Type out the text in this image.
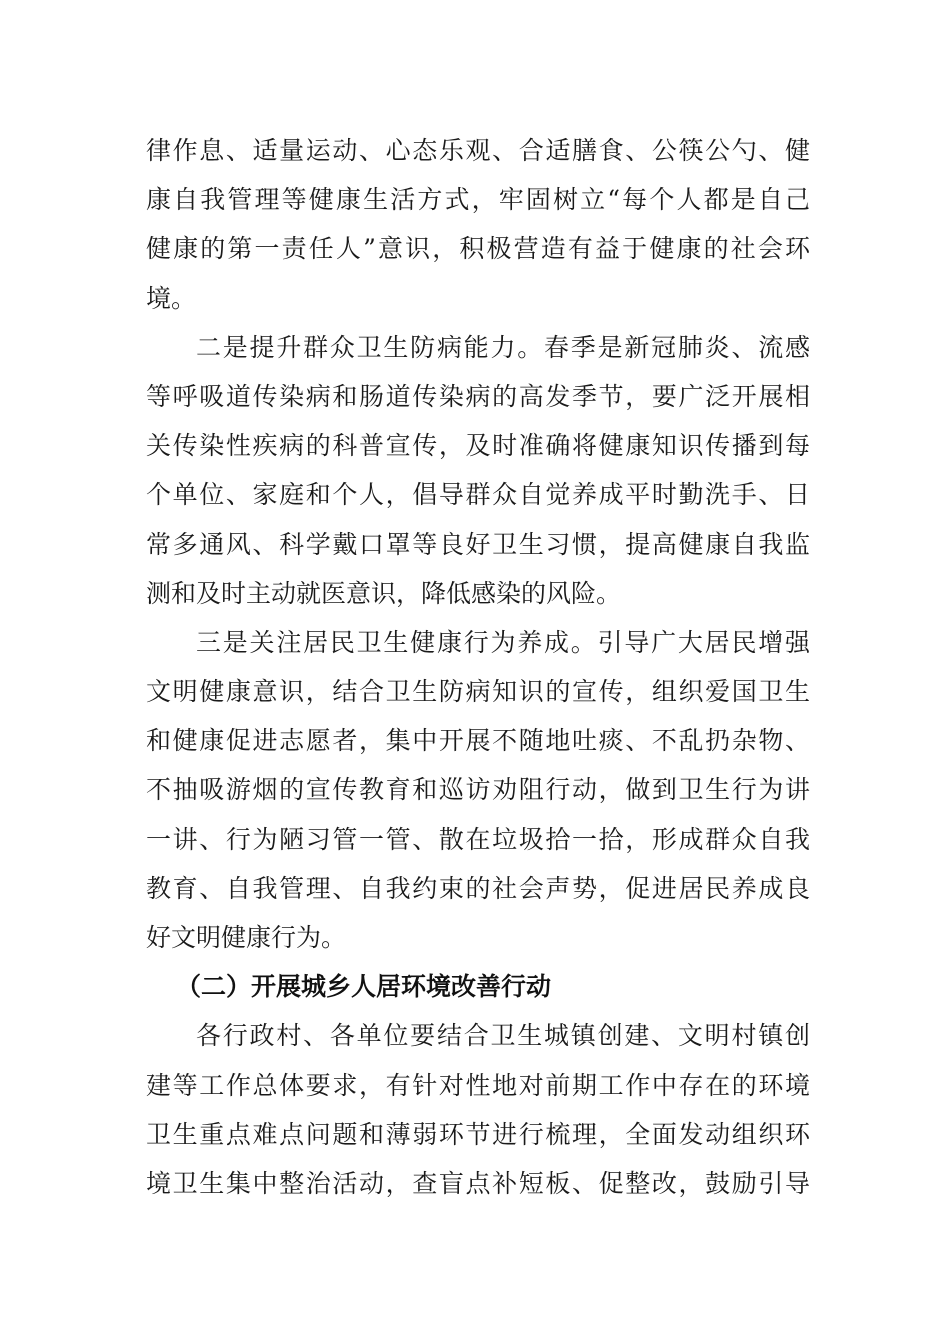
律作息、适量运动、心态乐观、合适膳食、公筷公勺、健
康自我管理等健康生活方式，牢固树立“每个人都是自己
健康的第一责任人”意识，积极营造有益于健康的社会环
境。
二是提升群众卫生防病能力。春季是新冠肺炎、流感
等呼吸道传染病和肠道传染病的高发季节，要广泛开展相
关传染性疾病的科普宣传，及时准确将健康知识传播到每
个单位、家庭和个人，倡导群众自觉养成平时勤洗手、日
常多通风、科学戴口罩等良好卫生习惯，提高健康自我监
测和及时主动就医意识，降低感染的风险。
三是关注居民卫生健康行为养成。引导广大居民增强
文明健康意识，结合卫生防病知识的宣传，组织爱国卫生
和健康促进志愿者，集中开展不随地吐痰、不乱扔杂物、
不抽吸游烟的宣传教育和巡访劝阻行动，做到卫生行为讲
一讲、行为陋习管一管、散在垃圾拾一拾，形成群众自我
教育、自我管理、自我约束的社会声势，促进居民养成良
好文明健康行为。
（二）开展城乡人居环境改善行动
各行政村、各单位要结合卫生城镇创建、文明村镇创
建等工作总体要求，有针对性地对前期工作中存在的环境
卫生重点难点问题和薄弱环节进行梳理，全面发动组织环
境卫生集中整治活动，查盲点补短板、促整改，鼓励引导
